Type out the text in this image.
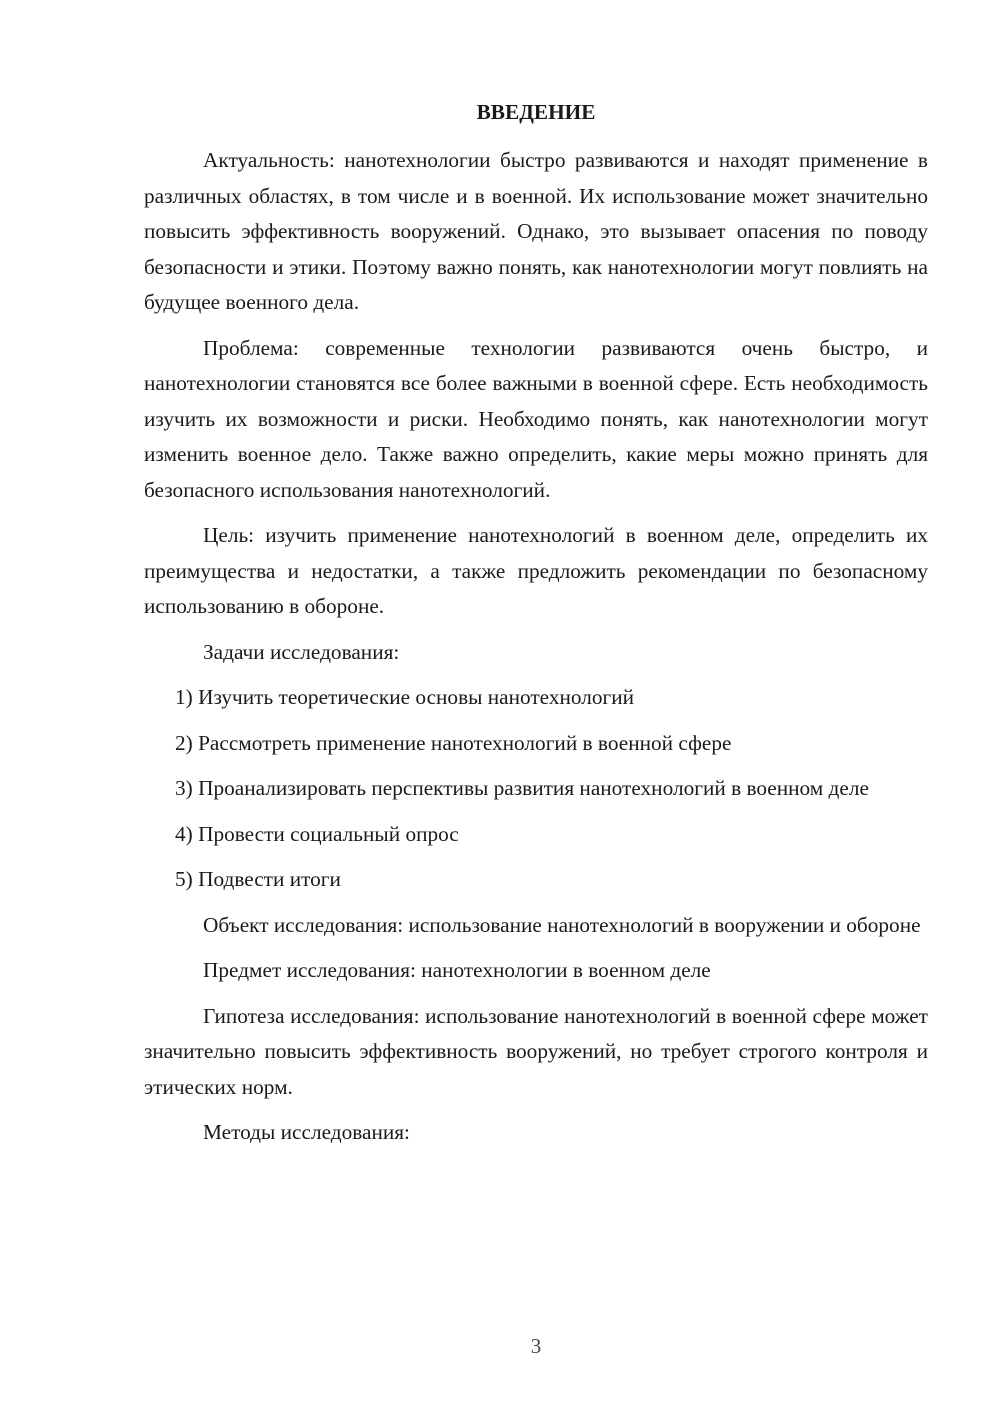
ВВЕДЕНИЕ

Актуальность: нанотехнологии быстро развиваются и находят применение в различных областях, в том числе и в военной. Их использование может значительно повысить эффективность вооружений. Однако, это вызывает опасения по поводу безопасности и этики. Поэтому важно понять, как нанотехнологии могут повлиять на будущее военного дела.

Проблема: современные технологии развиваются очень быстро, и нанотехнологии становятся все более важными в военной сфере. Есть необходимость изучить их возможности и риски. Необходимо понять, как нанотехнологии могут изменить военное дело. Также важно определить, какие меры можно принять для безопасного использования нанотехнологий.

Цель: изучить применение нанотехнологий в военном деле, определить их преимущества и недостатки, а также предложить рекомендации по безопасному использованию в обороне.

Задачи исследования:

1) Изучить теоретические основы нанотехнологий

2) Рассмотреть применение нанотехнологий в военной сфере

3) Проанализировать перспективы развития нанотехнологий в военном деле

4) Провести социальный опрос

5) Подвести итоги

Объект исследования: использование нанотехнологий в вооружении и обороне

Предмет исследования: нанотехнологии в военном деле

Гипотеза исследования: использование нанотехнологий в военной сфере может значительно повысить эффективность вооружений, но требует строгого контроля и этических норм.

Методы исследования:

3
